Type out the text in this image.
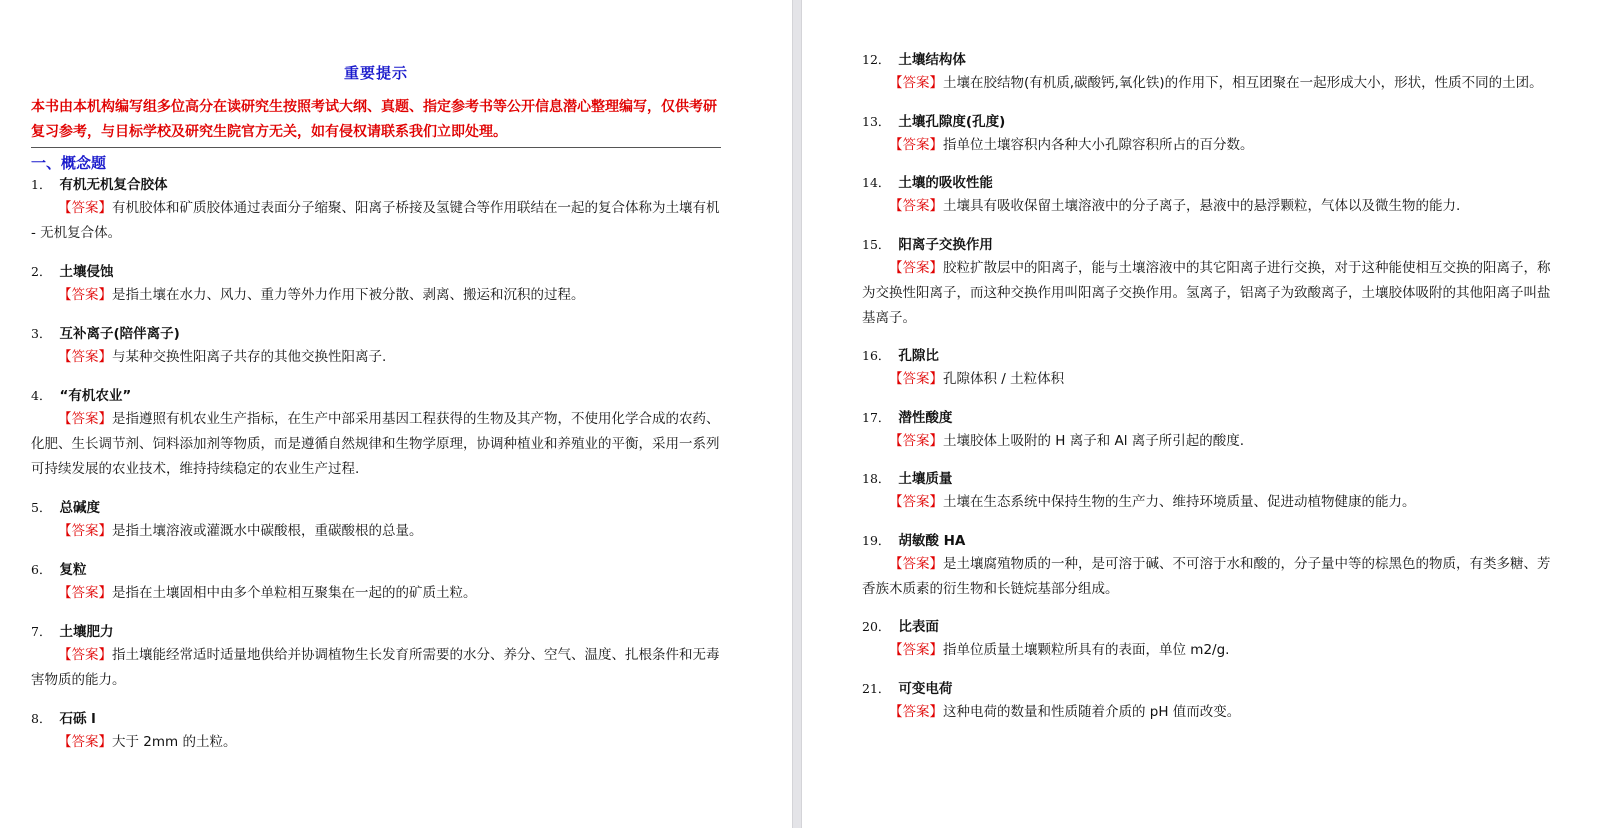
重要提示

本书由本机构编写组多位高分在读研究生按照考试大纲、真题、指定参考书等公开信息潜心整理编写，仅供考研复习参考，与目标学校及研究生院官方无关，如有侵权请联系我们立即处理。

一、概念题
1． 有机无机复合胶体

【答案】有机胶体和矿质胶体通过表面分子缩聚、阳离子桥接及氢键合等作用联结在一起的复合体称为土壤有机 - 无机复合体。

2． 土壤侵蚀

【答案】是指土壤在水力、风力、重力等外力作用下被分散、剥离、搬运和沉积的过程。

3． 互补离子(陪伴离子)

【答案】与某种交换性阳离子共存的其他交换性阳离子.

4． “有机农业”

【答案】是指遵照有机农业生产指标，在生产中部采用基因工程获得的生物及其产物，不使用化学合成的农药、化肥、生长调节剂、饲料添加剂等物质，而是遵循自然规律和生物学原理，协调种植业和养殖业的平衡，采用一系列可持续发展的农业技术，维持持续稳定的农业生产过程.

5． 总碱度

【答案】是指土壤溶液或灌溉水中碳酸根，重碳酸根的总量。

6． 复粒

【答案】是指在土壤固相中由多个单粒相互聚集在一起的的矿质土粒。

7． 土壤肥力

【答案】指土壤能经常适时适量地供给并协调植物生长发育所需要的水分、养分、空气、温度、扎根条件和无毒害物质的能力。

8． 石砾 l

【答案】大于 2mm 的土粒。

12． 土壤结构体

【答案】土壤在胶结物(有机质,碳酸钙,氧化铁)的作用下，相互团聚在一起形成大小，形状，性质不同的土团。

13． 土壤孔隙度(孔度)

【答案】指单位土壤容积内各种大小孔隙容积所占的百分数。

14． 土壤的吸收性能

【答案】土壤具有吸收保留土壤溶液中的分子离子，悬液中的悬浮颗粒，气体以及微生物的能力.

15． 阳离子交换作用

【答案】胶粒扩散层中的阳离子，能与土壤溶液中的其它阳离子进行交换，对于这种能使相互交换的阳离子，称为交换性阳离子，而这种交换作用叫阳离子交换作用。氢离子，铝离子为致酸离子，土壤胶体吸附的其他阳离子叫盐基离子。

16． 孔隙比

【答案】孔隙体积 / 土粒体积

17． 潜性酸度

【答案】土壤胶体上吸附的 H 离子和 Al 离子所引起的酸度.

18． 土壤质量

【答案】土壤在生态系统中保持生物的生产力、维持环境质量、促进动植物健康的能力。

19． 胡敏酸 HA

【答案】是土壤腐殖物质的一种，是可溶于碱、不可溶于水和酸的，分子量中等的棕黑色的物质，有类多糖、芳香族木质素的衍生物和长链烷基部分组成。

20． 比表面

【答案】指单位质量土壤颗粒所具有的表面，单位 m2/g.

21． 可变电荷

【答案】这种电荷的数量和性质随着介质的 pH 值而改变。
